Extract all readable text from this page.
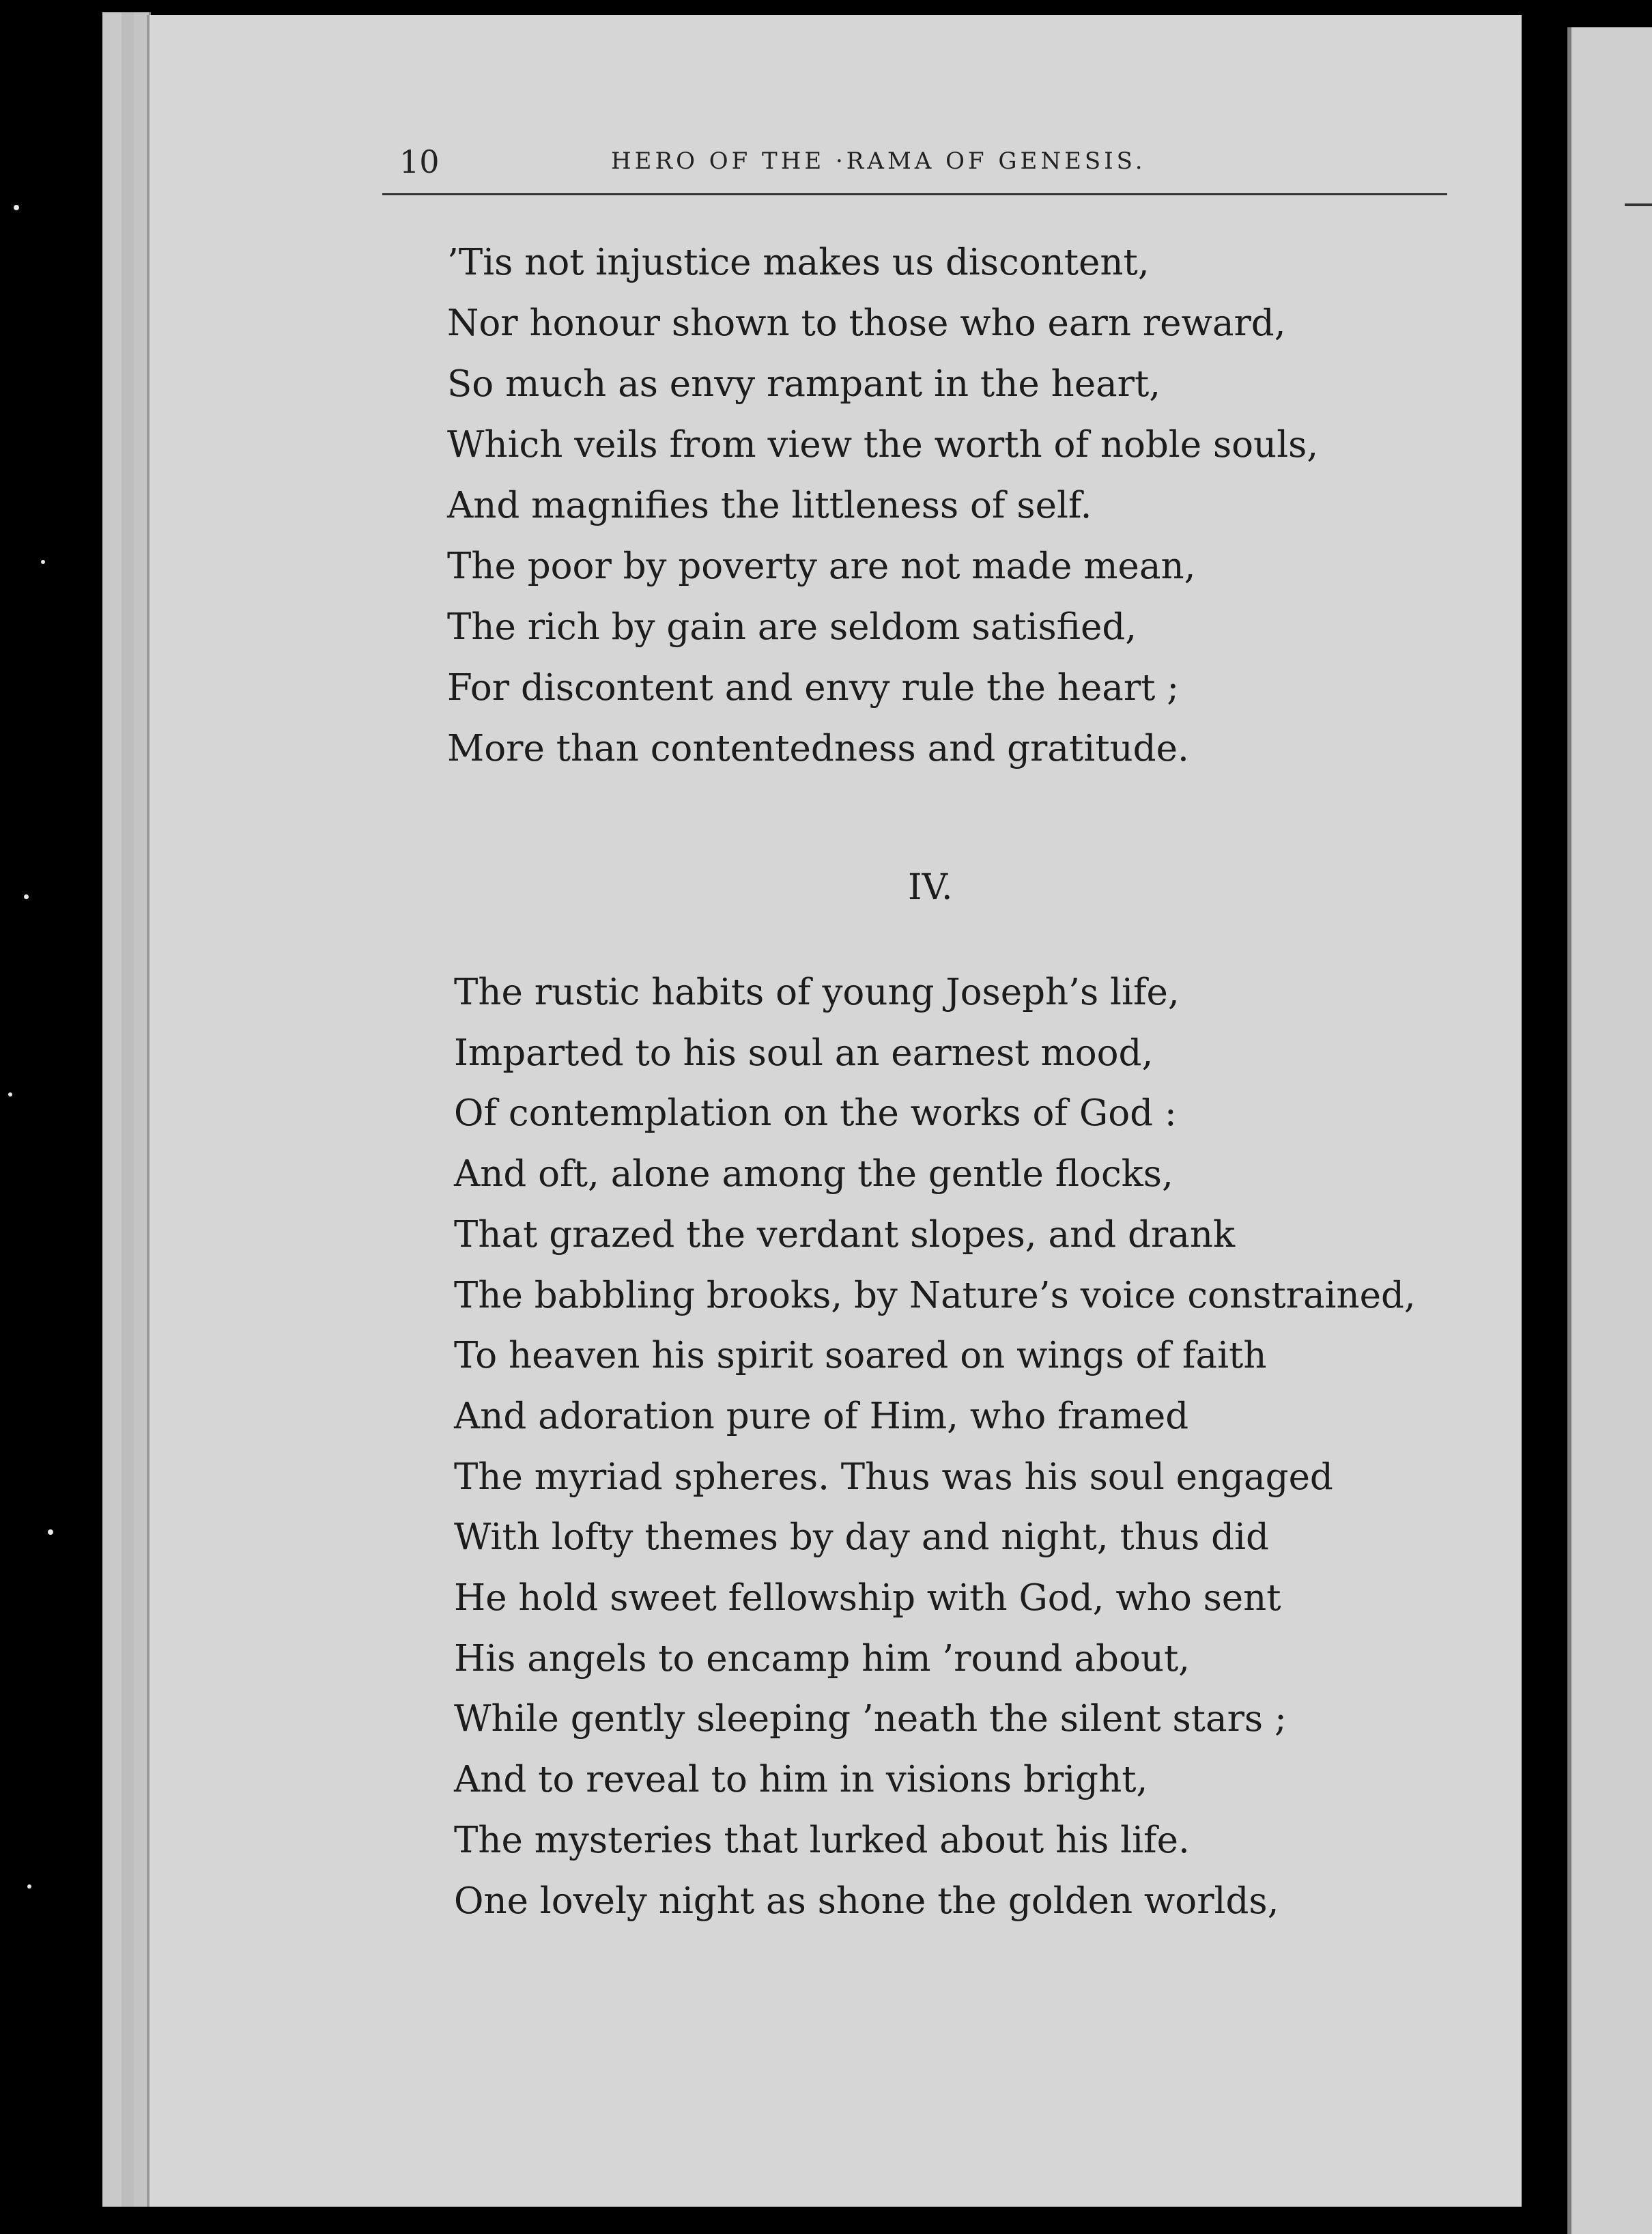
10	HERO OF THE ·RAMA OF GENESIS.
’Tis not injustice makes us discontent,
Nor honour shown to those who earn reward,
So much as envy rampant in the heart,
Which veils from view the worth of noble souls,
And magnifies the littleness of self.
The poor by poverty are not made mean,
The rich by gain are seldom satisfied,
For discontent and envy rule the heart ;
More than contentedness and gratitude.
IV.
The rustic habits of young Joseph’s life,
Imparted to his soul an earnest mood,
Of contemplation on the works of God :
And oft, alone among the gentle flocks,
That grazed the verdant slopes, and drank
The babbling brooks, by Nature’s voice constrained,
To heaven his spirit soared on wings of faith
And adoration pure of Him, who framed
The myriad spheres. Thus was his soul engaged
With lofty themes by day and night, thus did
He hold sweet fellowship with God, who sent
His angels to encamp him ’round about,
While gently sleeping ’neath the silent stars ;
And to reveal to him in visions bright,
The mysteries that lurked about his life.
One lovely night as shone the golden worlds,
